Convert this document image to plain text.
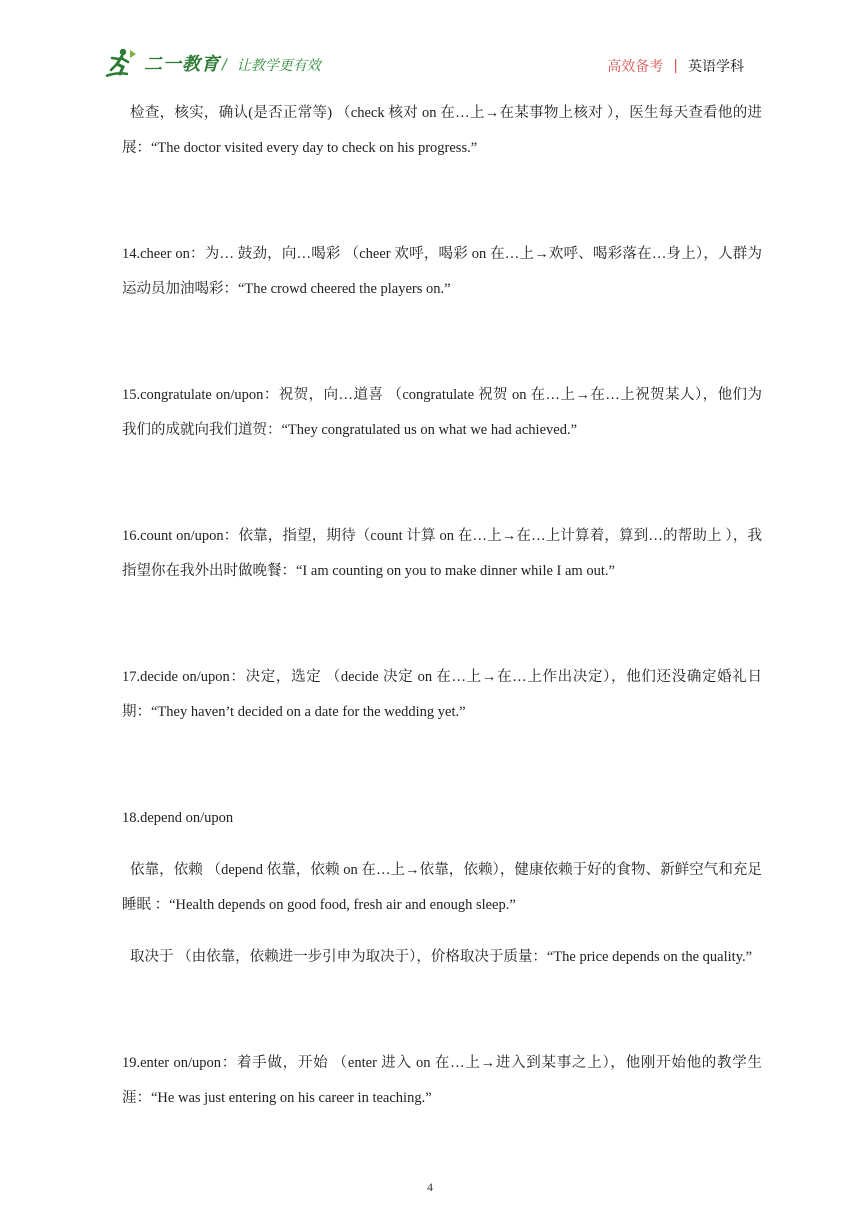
二一教育 / 让教学更有效	高效备考 | 英语学科

检查，核实，确认(是否正常等) （check 核对 on 在…上→在某事物上核对 ），医生每天查看他的进展：“The doctor visited every day to check on his progress.”

14.cheer on：为… 鼓劲，向…喝彩 （cheer 欢呼，喝彩 on 在…上→欢呼、喝彩落在…身上），人群为运动员加油喝彩：“The crowd cheered the players on.”

15.congratulate on/upon：祝贺，向…道喜 （congratulate 祝贺 on 在…上→在…上祝贺某人），他们为我们的成就向我们道贺：“They congratulated us on what we had achieved.”

16.count on/upon：依靠，指望，期待（count 计算 on 在…上→在…上计算着，算到…的帮助上 ），我指望你在我外出时做晚餐：“I am counting on you to make dinner while I am out.”

17.decide on/upon：决定，选定 （decide 决定 on 在…上→在…上作出决定），他们还没确定婚礼日期：“They haven’t decided on a date for the wedding yet.”

18.depend on/upon

依靠，依赖 （depend 依靠，依赖 on 在…上→依靠，依赖），健康依赖于好的食物、新鲜空气和充足睡眠 ：“Health depends on good food, fresh air and enough sleep.”

取决于 （由依靠，依赖进一步引申为取决于），价格取决于质量：“The price depends on the quality.”

19.enter on/upon：着手做，开始 （enter 进入 on 在…上→进入到某事之上），他刚开始他的教学生涯：“He was just entering on his career in teaching.”

4
